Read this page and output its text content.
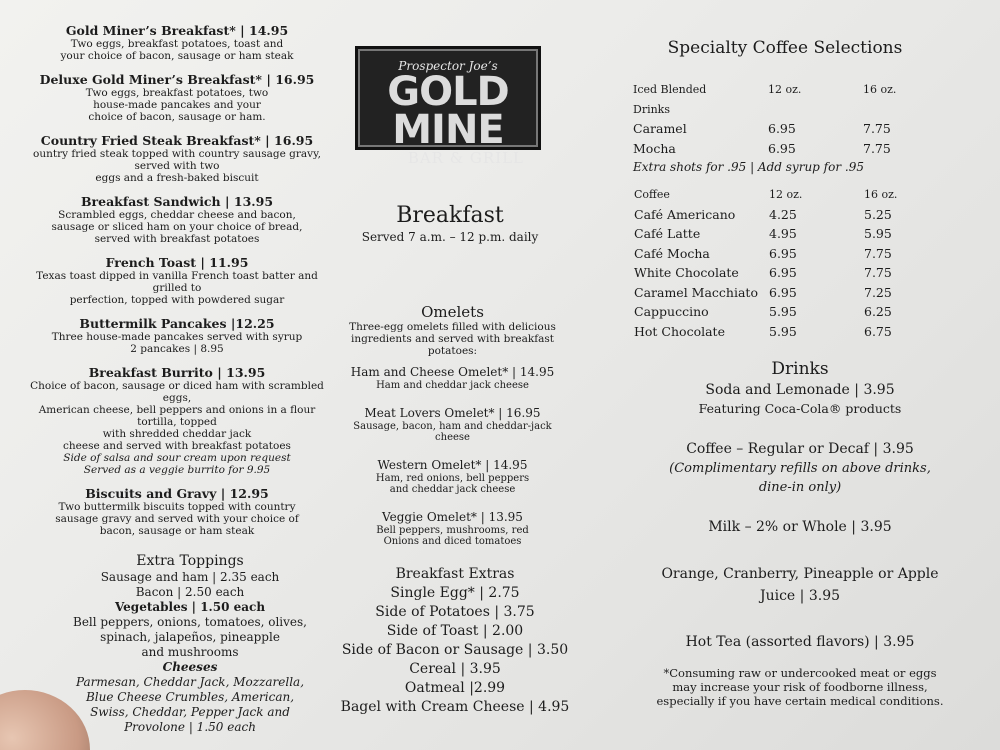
Gold Miner’s Breakfast* | 14.95
Two eggs, breakfast potatoes, toast and
your choice of bacon, sausage or ham steak
Deluxe Gold Miner’s Breakfast* | 16.95
Two eggs, breakfast potatoes, two
house-made pancakes and your
choice of bacon, sausage or ham.
Country Fried Steak Breakfast* | 16.95
ountry fried steak topped with country sausage gravy, served with two
eggs and a fresh-baked biscuit
Breakfast Sandwich | 13.95
Scrambled eggs, cheddar cheese and bacon,
sausage or sliced ham on your choice of bread,
served with breakfast potatoes
French Toast | 11.95
Texas toast dipped in vanilla French toast batter and grilled to
perfection, topped with powdered sugar
Buttermilk Pancakes |12.25
Three house-made pancakes served with syrup
2 pancakes | 8.95
Breakfast Burrito | 13.95
Choice of bacon, sausage or diced ham with scrambled eggs,
American cheese, bell peppers and onions in a flour tortilla, topped
with shredded cheddar jack
cheese and served with breakfast potatoes
Side of salsa and sour cream upon request
Served as a veggie burrito for 9.95
Biscuits and Gravy | 12.95
Two buttermilk biscuits topped with country
sausage gravy and served with your choice of
bacon, sausage or ham steak
Extra Toppings
Sausage and ham | 2.35 each
Bacon | 2.50 each
Vegetables | 1.50 each
Bell peppers, onions, tomatoes, olives,
spinach, jalapeños, pineapple
and mushrooms
Cheeses
Parmesan, Cheddar Jack, Mozzarella,
Blue Cheese Crumbles, American,
Swiss, Cheddar, Pepper Jack and
Provolone | 1.50 each
Prospector Joe’s
GOLD MINE
BAR & GRILL
Breakfast
Served 7 a.m. – 12 p.m. daily
Omelets
Three-egg omelets filled with delicious
ingredients and served with breakfast
potatoes:
Ham and Cheese Omelet* | 14.95
Ham and cheddar jack cheese
Meat Lovers Omelet* | 16.95
Sausage, bacon, ham and cheddar-jack cheese
Western Omelet* | 14.95
Ham, red onions, bell peppers
and cheddar jack cheese
Veggie Omelet* | 13.95
Bell peppers, mushrooms, red
Onions and diced tomatoes
Breakfast Extras
Single Egg* | 2.75
Side of Potatoes | 3.75
Side of Toast | 2.00
Side of Bacon or Sausage | 3.50
Cereal | 3.95
Oatmeal |2.99
Bagel with Cream Cheese | 4.95
Specialty Coffee Selections
Iced Blended	12 oz.	16 oz.
Drinks		
Caramel	6.95	7.75
Mocha	6.95	7.75
Extra shots for .95 | Add syrup for .95
Coffee	12 oz.	16 oz.
Café Americano	4.25	5.25
Café Latte	4.95	5.95
Café Mocha	6.95	7.75
White Chocolate	6.95	7.75
Caramel Macchiato	6.95	7.25
Cappuccino	5.95	6.25
Hot Chocolate	5.95	6.75
Drinks
Soda and Lemonade | 3.95
Featuring Coca-Cola® products
Coffee – Regular or Decaf | 3.95
(Complimentary refills on above drinks,
dine-in only)
Milk – 2% or Whole | 3.95
Orange, Cranberry, Pineapple or Apple
Juice | 3.95
Hot Tea (assorted flavors) | 3.95
*Consuming raw or undercooked meat or eggs
may increase your risk of foodborne illness,
especially if you have certain medical conditions.
